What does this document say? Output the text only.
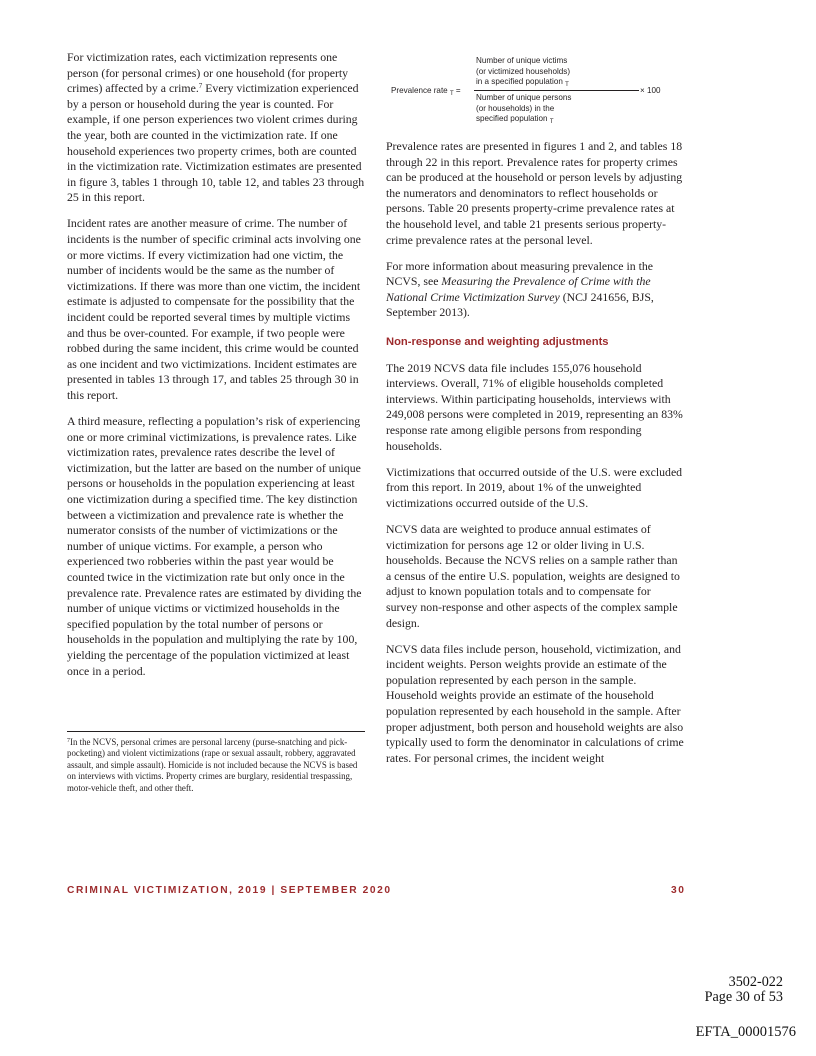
For victimization rates, each victimization represents one person (for personal crimes) or one household (for property crimes) affected by a crime.$^7$ Every victimization experienced by a person or household during the year is counted. For example, if one person experiences two violent crimes during the year, both are counted in the victimization rate. If one household experiences two property crimes, both are counted in the victimization rate. Victimization estimates are presented in figure 3, tables 1 through 10, table 12, and tables 23 through 25 in this report.

Incident rates are another measure of crime. The number of incidents is the number of specific criminal acts involving one or more victims. If every victimization had one victim, the number of incidents would be the same as the number of victimizations. If there was more than one victim, the incident estimate is adjusted to compensate for the possibility that the incident could be reported several times by multiple victims and thus be over-counted. For example, if two people were robbed during the same incident, this crime would be counted as one incident and two victimizations. Incident estimates are presented in tables 13 through 17, and tables 25 through 30 in this report.

A third measure, reflecting a population’s risk of experiencing one or more criminal victimizations, is prevalence rates. Like victimization rates, prevalence rates describe the level of victimization, but the latter are based on the number of unique persons or households in the population experiencing at least one victimization during a specified time. The key distinction between a victimization and prevalence rate is whether the numerator consists of the number of victimizations or the number of unique victims. For example, a person who experienced two robberies within the past year would be counted twice in the victimization rate but only once in the prevalence rate. Prevalence rates are estimated by dividing the number of unique victims or victimized households in the specified population by the total number of persons or households in the population and multiplying the rate by 100, yielding the percentage of the population victimized at least once in a period.

$^7$In the NCVS, personal crimes are personal larceny (purse-snatching and pick-pocketing) and violent victimizations (rape or sexual assault, robbery, aggravated assault, and simple assault). Homicide is not included because the NCVS is based on interviews with victims. Property crimes are burglary, residential trespassing, motor-vehicle theft, and other theft.
Prevalence rate $_T$ =
Number of unique victims
(or victimized households)
in a specified population $_T$
Number of unique persons
(or households) in the
specified population $_T$
× 100

Prevalence rates are presented in figures 1 and 2, and tables 18 through 22 in this report. Prevalence rates for property crimes can be produced at the household or person levels by adjusting the numerators and denominators to reflect households or persons. Table 20 presents property-crime prevalence rates at the household level, and table 21 presents serious property-crime prevalence rates at the personal level.

For more information about measuring prevalence in the NCVS, see Measuring the Prevalence of Crime with the National Crime Victimization Survey (NCJ 241656, BJS, September 2013).

Non-response and weighting adjustments

The 2019 NCVS data file includes 155,076 household interviews. Overall, 71% of eligible households completed interviews. Within participating households, interviews with 249,008 persons were completed in 2019, representing an 83% response rate among eligible persons from responding households.

Victimizations that occurred outside of the U.S. were excluded from this report. In 2019, about 1% of the unweighted victimizations occurred outside of the U.S.

NCVS data are weighted to produce annual estimates of victimization for persons age 12 or older living in U.S. households. Because the NCVS relies on a sample rather than a census of the entire U.S. population, weights are designed to adjust to known population totals and to compensate for survey non-response and other aspects of the complex sample design.

NCVS data files include person, household, victimization, and incident weights. Person weights provide an estimate of the population represented by each person in the sample. Household weights provide an estimate of the household population represented by each household in the sample. After proper adjustment, both person and household weights are also typically used to form the denominator in calculations of crime rates. For personal crimes, the incident weight

CRIMINAL VICTIMIZATION, 2019 | SEPTEMBER 2020	30
3502-022
Page 30 of 53
EFTA_00001576
